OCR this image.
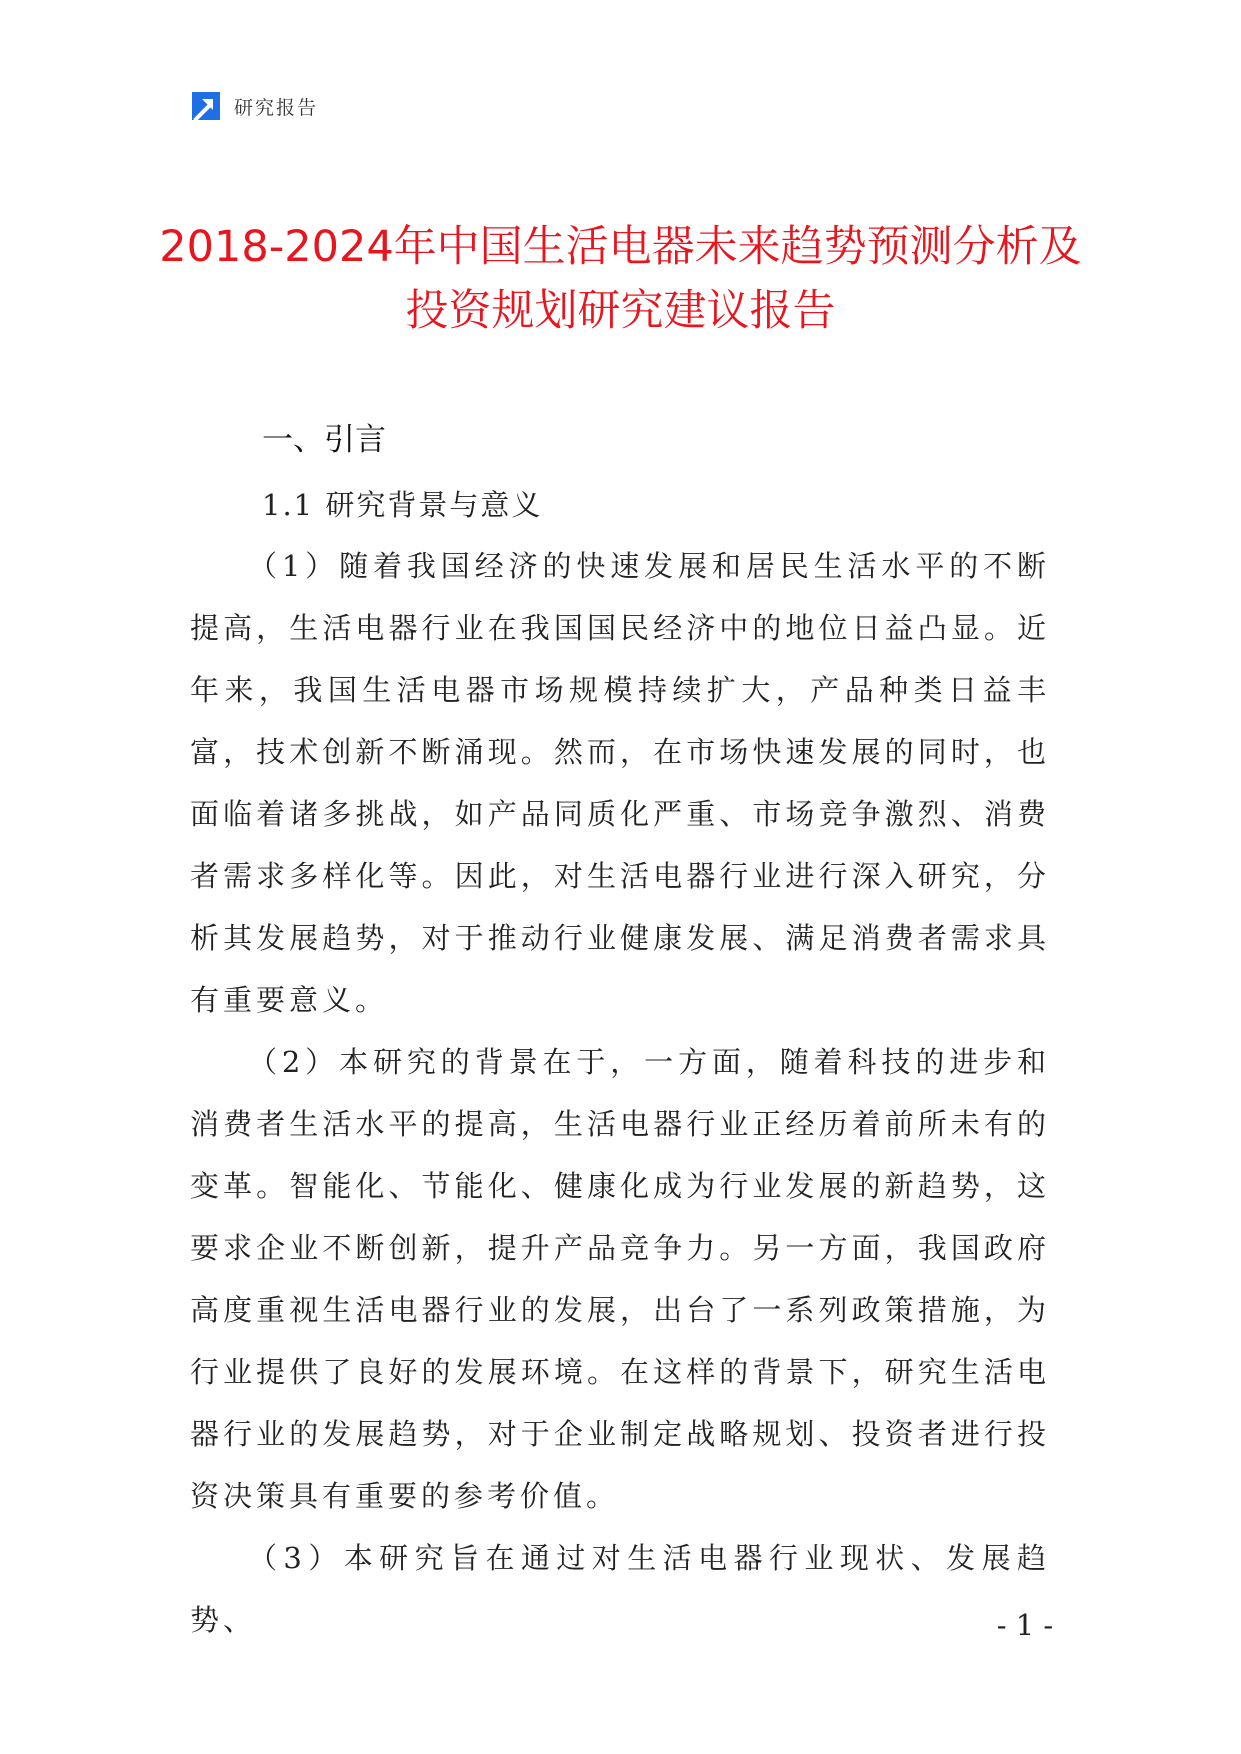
研究报告
2018-2024年中国生活电器未来趋势预测分析及投资规划研究建议报告
一、引言
1.1 研究背景与意义

（1）随着我国经济的快速发展和居民生活水平的不断提高，生活电器行业在我国国民经济中的地位日益凸显。近年来，我国生活电器市场规模持续扩大，产品种类日益丰富，技术创新不断涌现。然而，在市场快速发展的同时，也面临着诸多挑战，如产品同质化严重、市场竞争激烈、消费者需求多样化等。因此，对生活电器行业进行深入研究，分析其发展趋势，对于推动行业健康发展、满足消费者需求具有重要意义。

（2）本研究的背景在于，一方面，随着科技的进步和消费者生活水平的提高，生活电器行业正经历着前所未有的变革。智能化、节能化、健康化成为行业发展的新趋势，这要求企业不断创新，提升产品竞争力。另一方面，我国政府高度重视生活电器行业的发展，出台了一系列政策措施，为行业提供了良好的发展环境。在这样的背景下，研究生活电器行业的发展趋势，对于企业制定战略规划、投资者进行投资决策具有重要的参考价值。

（3）本研究旨在通过对生活电器行业现状、发展趋势、	- 1 -
